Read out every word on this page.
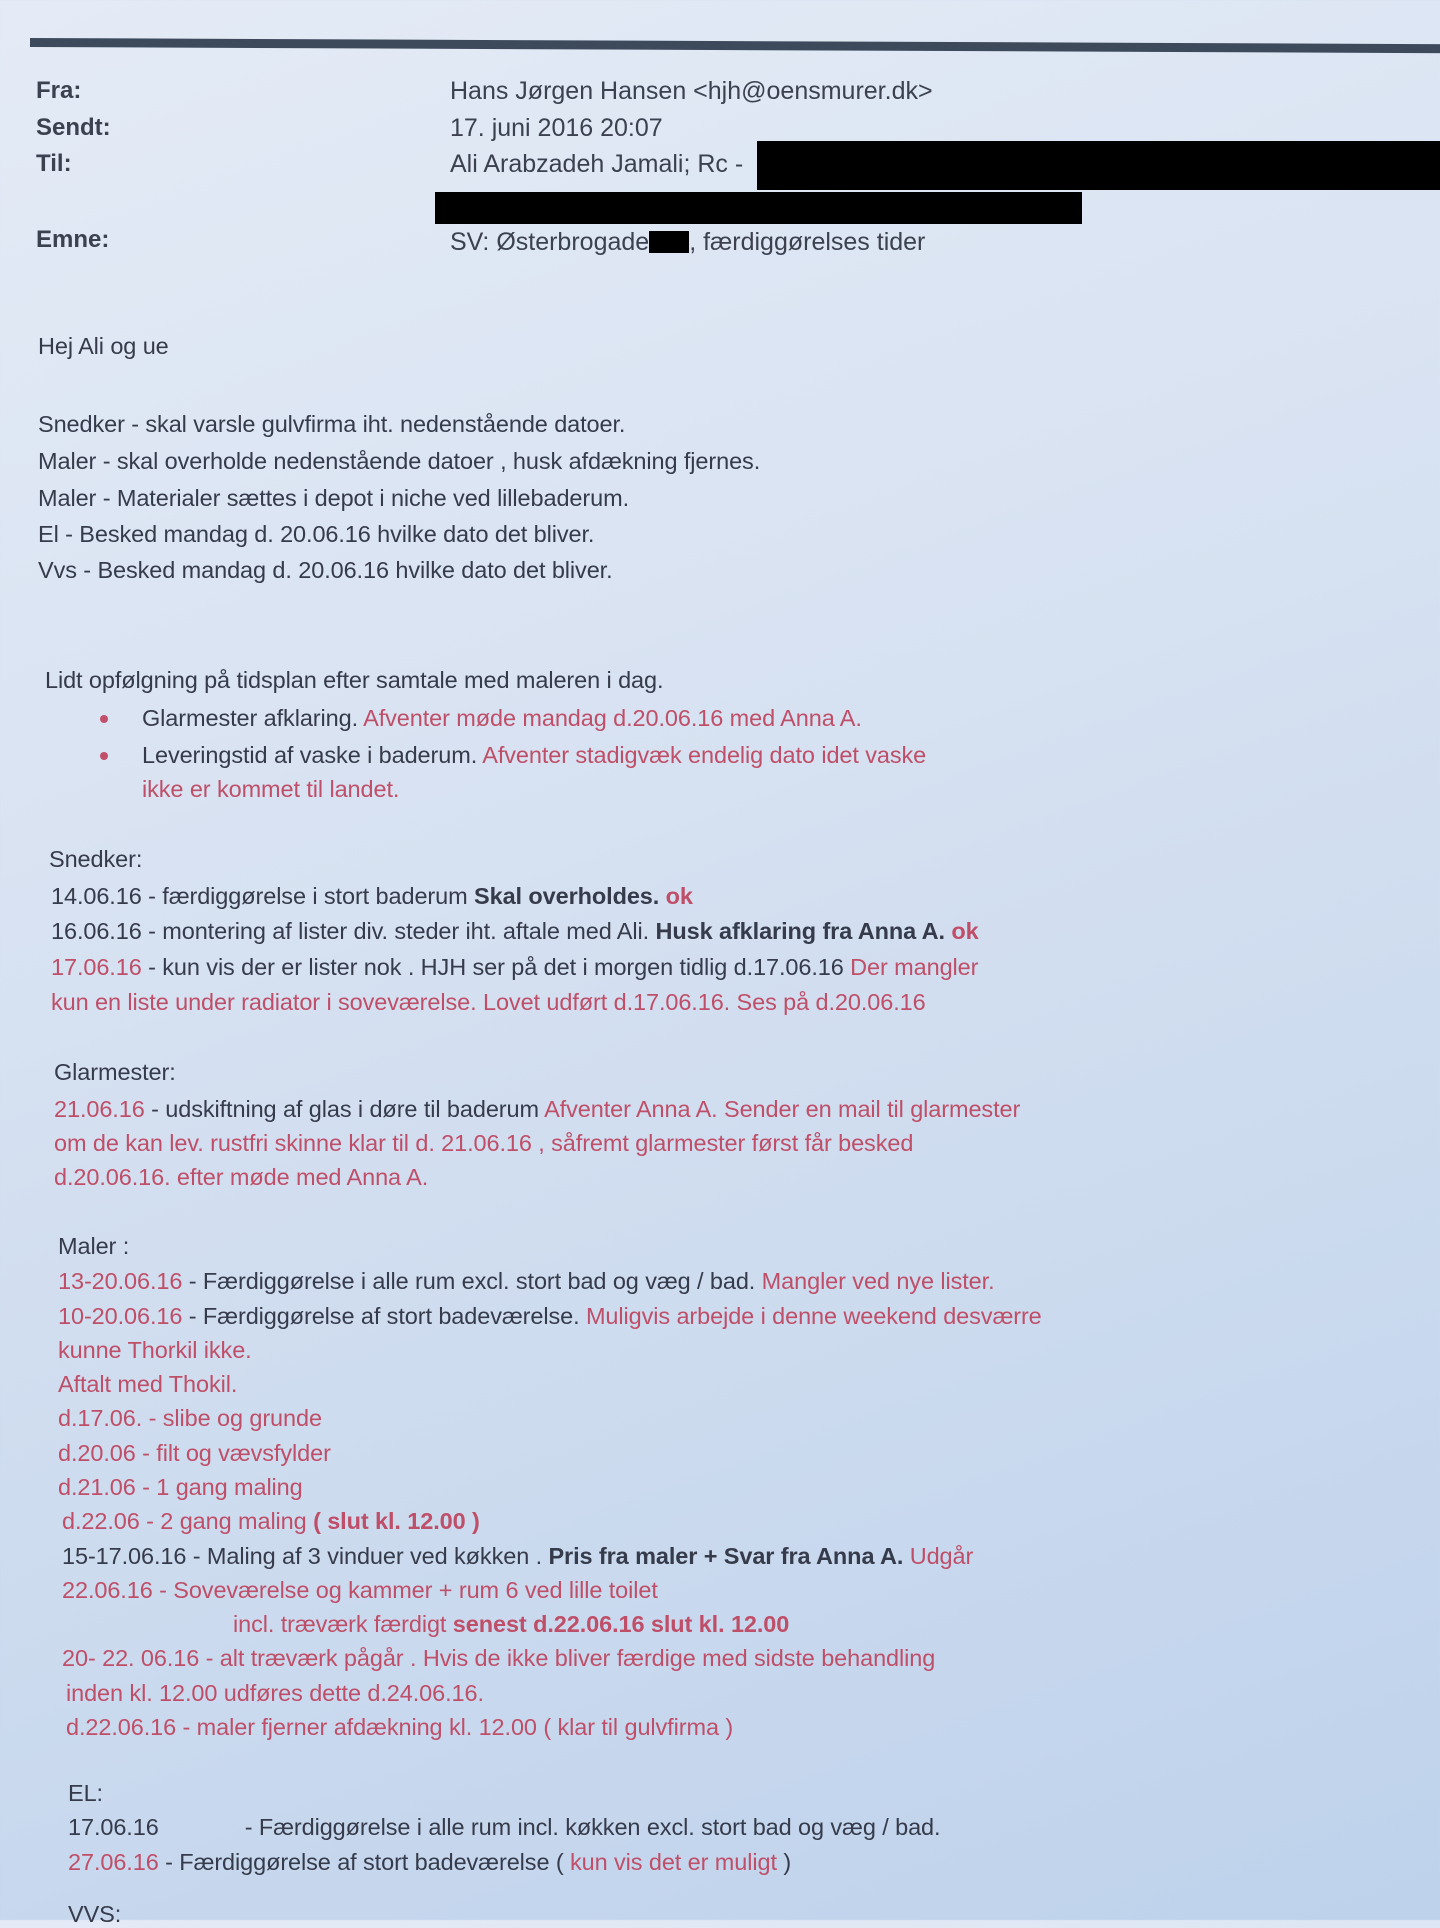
Fra:	Hans Jørgen Hansen <hjh@oensmurer.dk>
Sendt:	17. juni 2016 20:07
Til:	Ali Arabzadeh Jamali; Rc -
Emne:	SV: Østerbrogade , færdiggørelses tider
Hej Ali og ue
Snedker - skal varsle gulvfirma iht. nedenstående datoer.
Maler - skal overholde nedenstående datoer , husk afdækning fjernes.
Maler - Materialer sættes i depot i niche ved lillebaderum.
El - Besked mandag d. 20.06.16 hvilke dato det bliver.
Vvs - Besked mandag d. 20.06.16 hvilke dato det bliver.
Lidt opfølgning på tidsplan efter samtale med maleren i dag.
Glarmester afklaring. Afventer møde mandag d.20.06.16 med Anna A.
Leveringstid af vaske i baderum. Afventer stadigvæk endelig dato idet vaske
ikke er kommet til landet.
Snedker:
14.06.16 - færdiggørelse i stort baderum Skal overholdes. ok
16.06.16 - montering af lister div. steder iht. aftale med Ali. Husk afklaring fra Anna A. ok
17.06.16 - kun vis der er lister nok . HJH ser på det i morgen tidlig d.17.06.16 Der mangler
kun en liste under radiator i soveværelse. Lovet udført d.17.06.16. Ses på d.20.06.16
Glarmester:
21.06.16 - udskiftning af glas i døre til baderum Afventer Anna A. Sender en mail til glarmester
om de kan lev. rustfri skinne klar til d. 21.06.16 , såfremt glarmester først får besked
d.20.06.16. efter møde med Anna A.
Maler :
13-20.06.16 - Færdiggørelse i alle rum excl. stort bad og væg / bad. Mangler ved nye lister.
10-20.06.16 - Færdiggørelse af stort badeværelse. Muligvis arbejde i denne weekend desværre
kunne Thorkil ikke.
Aftalt med Thokil.
d.17.06. - slibe og grunde
d.20.06 - filt og vævsfylder
d.21.06 - 1 gang maling
d.22.06 - 2 gang maling ( slut kl. 12.00 )
15-17.06.16 - Maling af 3 vinduer ved køkken . Pris fra maler + Svar fra Anna A. Udgår
22.06.16 - Soveværelse og kammer + rum 6 ved lille toilet
incl. træværk færdigt senest d.22.06.16 slut kl. 12.00
20- 22. 06.16 - alt træværk pågår . Hvis de ikke bliver færdige med sidste behandling
inden kl. 12.00 udføres dette d.24.06.16.
d.22.06.16 - maler fjerner afdækning kl. 12.00 ( klar til gulvfirma )
EL:
17.06.16	- Færdiggørelse i alle rum incl. køkken excl. stort bad og væg / bad.
27.06.16 - Færdiggørelse af stort badeværelse ( kun vis det er muligt )
VVS:
